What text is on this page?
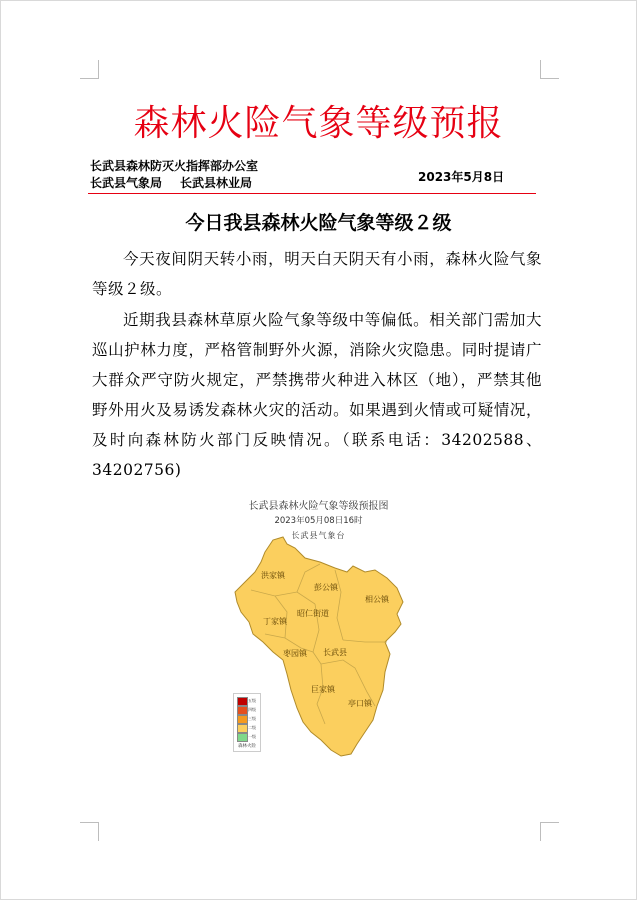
森林火险气象等级预报
长武县森林防灭火指挥部办公室
长武县气象局 长武县林业局	2023年5月8日
今日我县森林火险气象等级２级

今天夜间阴天转小雨，明天白天阴天有小雨，森林火险气象等级２级。

近期我县森林草原火险气象等级中等偏低。相关部门需加大巡山护林力度，严格管制野外火源，消除火灾隐患。同时提请广大群众严守防火规定，严禁携带火种进入林区（地），严禁其他野外用火及易诱发森林火灾的活动。如果遇到火情或可疑情况，及时向森林防火部门反映情况。（联系电话：34202588、34202756)

长武县森林火险气象等级预报图
2023年05月08日16时
长武县气象台
洪家镇
彭公镇
相公镇
昭仁街道
丁家镇
枣园镇 长武县
巨家镇
亭口镇
五级
四级
三级
二级
一级
森林火险
